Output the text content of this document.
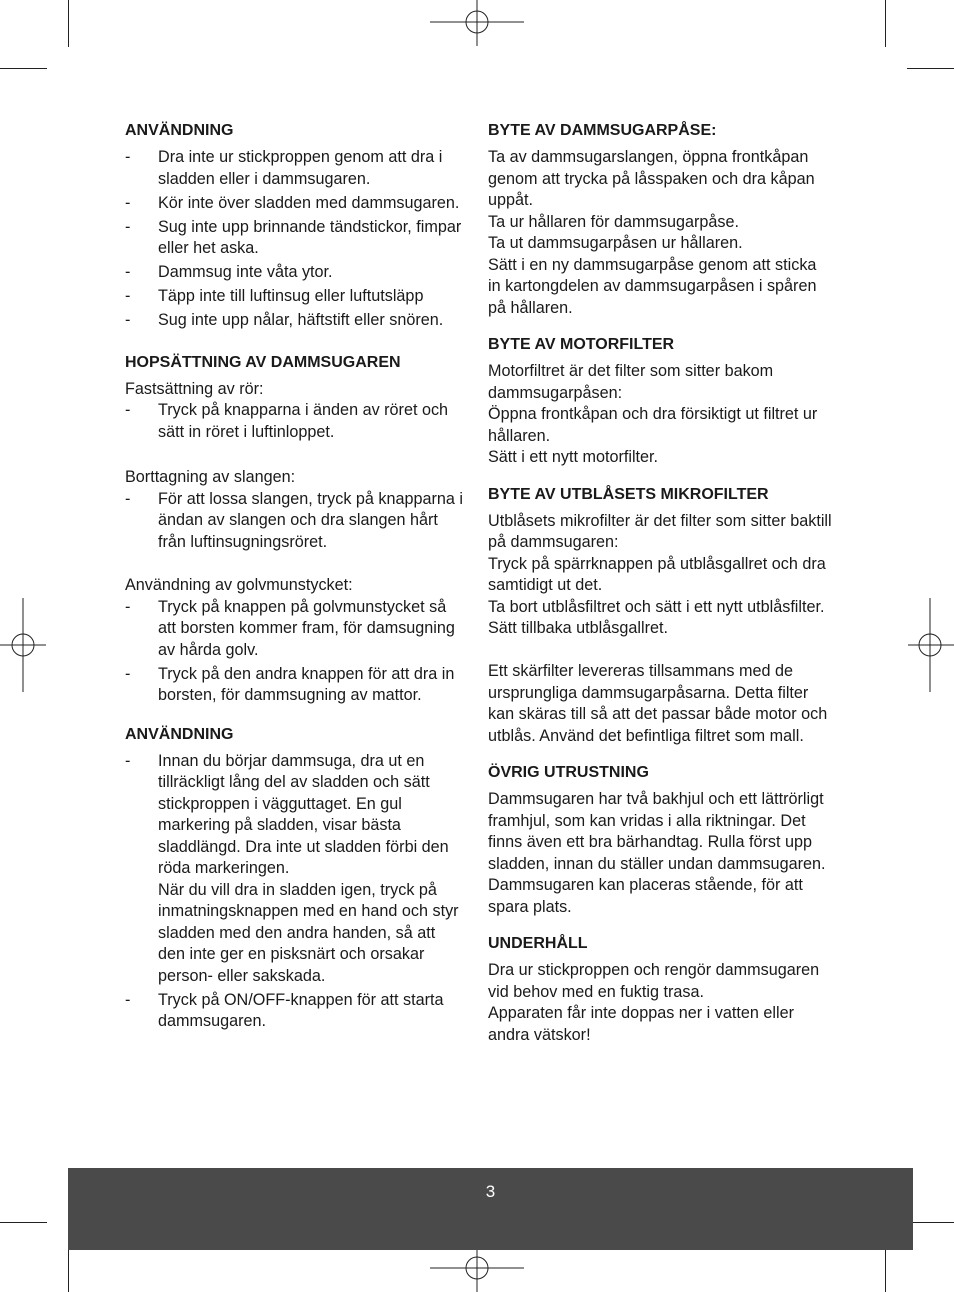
ANVÄNDNING
- Dra inte ur stickproppen genom att dra i sladden eller i dammsugaren.
- Kör inte över sladden med dammsugaren.
- Sug inte upp brinnande tändstickor, fimpar eller het aska.
- Dammsug inte våta ytor.
- Täpp inte till luftinsug eller luftutsläpp
- Sug inte upp nålar, häftstift eller snören.
HOPSÄTTNING AV DAMMSUGAREN

Fastsättning av rör:

- Tryck på knapparna i änden av röret och sätt in röret i luftinloppet.

Borttagning av slangen:

- För att lossa slangen, tryck på knapparna i ändan av slangen och dra slangen hårt från luftinsugningsröret.

Användning av golvmunstycket:

- Tryck på knappen på golvmunstycket så att borsten kommer fram, för damsugning av hårda golv.
- Tryck på den andra knappen för att dra in borsten, för dammsugning av mattor.
ANVÄNDNING
- Innan du börjar dammsuga, dra ut en tillräckligt lång del av sladden och sätt stickproppen i vägguttaget. En gul markering på sladden, visar bästa sladdlängd. Dra inte ut sladden förbi den röda markeringen.
När du vill dra in sladden igen, tryck på inmatningsknappen med en hand och styr sladden med den andra handen, så att den inte ger en pisksnärt och orsakar person- eller sakskada.
- Tryck på ON/OFF-knappen för att starta dammsugaren.
BYTE AV DAMMSUGARPÅSE:

Ta av dammsugarslangen, öppna frontkåpan genom att trycka på låsspaken och dra kåpan uppåt.
Ta ur hållaren för dammsugarpåse.
Ta ut dammsugarpåsen ur hållaren.
Sätt i en ny dammsugarpåse genom att sticka in kartongdelen av dammsugarpåsen i spåren på hållaren.

BYTE AV MOTORFILTER

Motorfiltret är det filter som sitter bakom dammsugarpåsen:
Öppna frontkåpan och dra försiktigt ut filtret ur hållaren.
Sätt i ett nytt motorfilter.

BYTE AV UTBLÅSETS MIKROFILTER

Utblåsets mikrofilter är det filter som sitter baktill på dammsugaren:
Tryck på spärrknappen på utblåsgallret och dra samtidigt ut det.
Ta bort utblåsfiltret och sätt i ett nytt utblåsfilter.
Sätt tillbaka utblåsgallret.

Ett skärfilter levereras tillsammans med de ursprungliga dammsugarpåsarna. Detta filter kan skäras till så att det passar både motor och utblås. Använd det befintliga filtret som mall.

ÖVRIG UTRUSTNING

Dammsugaren har två bakhjul och ett lättrörligt framhjul, som kan vridas i alla riktningar. Det finns även ett bra bärhandtag. Rulla först upp sladden, innan du ställer undan dammsugaren. Dammsugaren kan placeras stående, för att spara plats.

UNDERHÅLL

Dra ur stickproppen och rengör dammsugaren vid behov med en fuktig trasa.
Apparaten får inte doppas ner i vatten eller andra vätskor!

3
